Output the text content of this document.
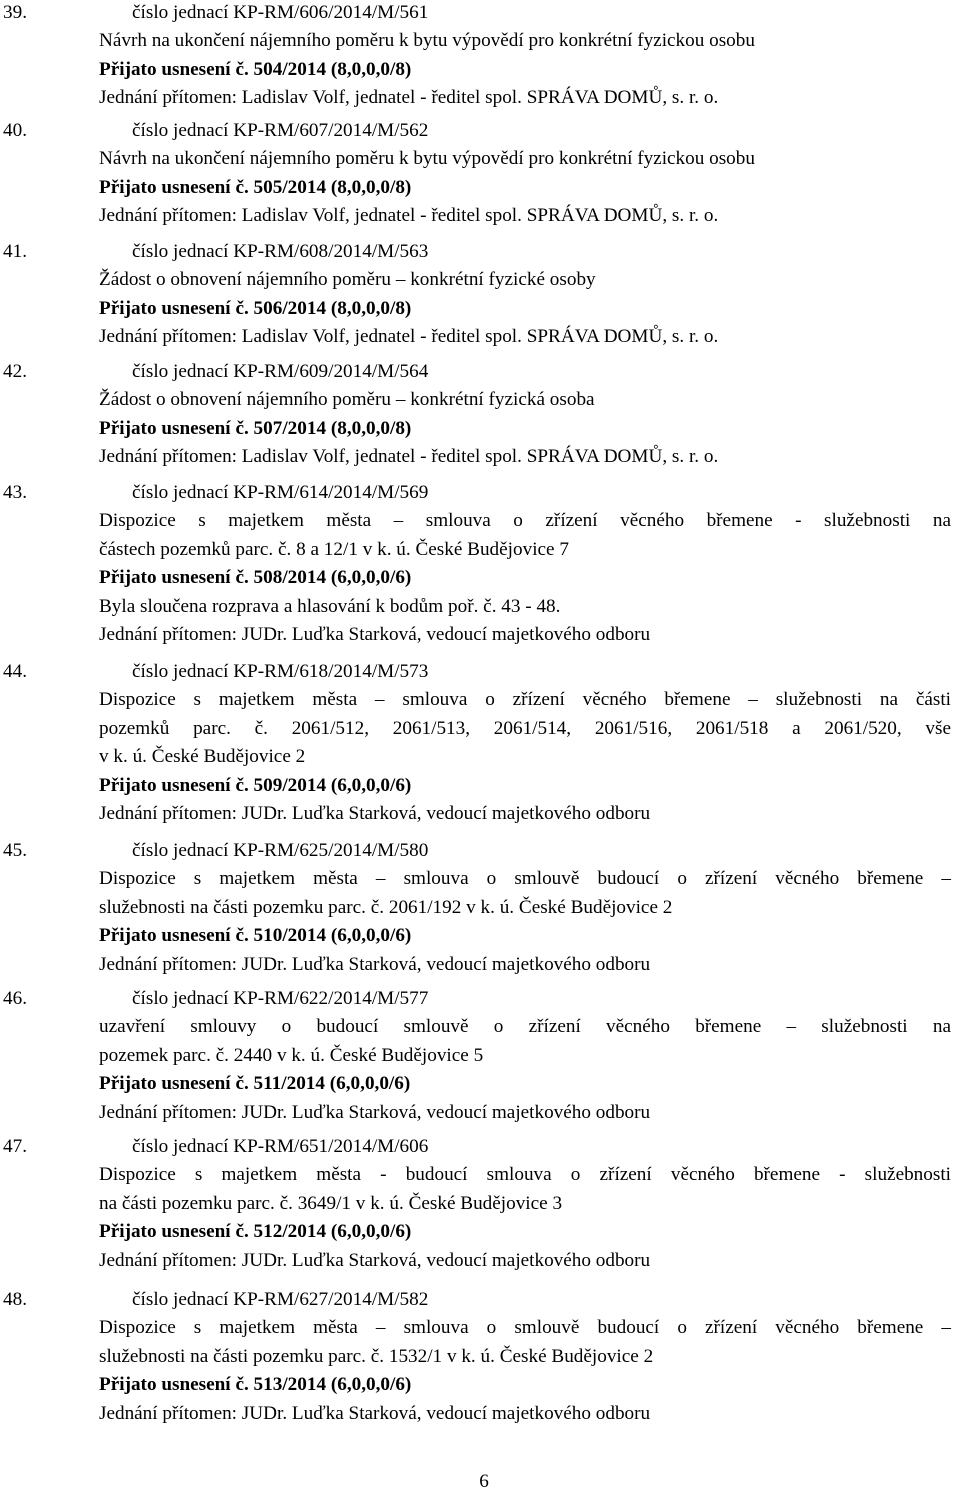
39.	číslo jednací KP-RM/606/2014/M/561
Návrh na ukončení nájemního poměru k bytu výpovědí pro konkrétní fyzickou osobu
Přijato usnesení č. 504/2014 (8,0,0,0/8)
Jednání přítomen: Ladislav Volf, jednatel - ředitel spol. SPRÁVA DOMŮ, s. r. o.
40.	číslo jednací KP-RM/607/2014/M/562
Návrh na ukončení nájemního poměru k bytu výpovědí pro konkrétní fyzickou osobu
Přijato usnesení č. 505/2014 (8,0,0,0/8)
Jednání přítomen: Ladislav Volf, jednatel - ředitel spol. SPRÁVA DOMŮ, s. r. o.
41.	číslo jednací KP-RM/608/2014/M/563
Žádost o obnovení nájemního poměru – konkrétní fyzické osoby
Přijato usnesení č. 506/2014 (8,0,0,0/8)
Jednání přítomen: Ladislav Volf, jednatel - ředitel spol. SPRÁVA DOMŮ, s. r. o.
42.	číslo jednací KP-RM/609/2014/M/564
Žádost o obnovení nájemního poměru – konkrétní fyzická osoba
Přijato usnesení č. 507/2014 (8,0,0,0/8)
Jednání přítomen: Ladislav Volf, jednatel - ředitel spol. SPRÁVA DOMŮ, s. r. o.
43.	číslo jednací KP-RM/614/2014/M/569
Dispozice s majetkem města – smlouva o zřízení věcného břemene - služebnosti na
částech pozemků parc. č. 8 a 12/1 v k. ú. České Budějovice 7
Přijato usnesení č. 508/2014 (6,0,0,0/6)
Byla sloučena rozprava a hlasování k bodům poř. č. 43 - 48.
Jednání přítomen: JUDr. Luďka Starková, vedoucí majetkového odboru
44.	číslo jednací KP-RM/618/2014/M/573
Dispozice s majetkem města – smlouva o zřízení věcného břemene – služebnosti na části
pozemků parc. č. 2061/512, 2061/513, 2061/514, 2061/516, 2061/518 a 2061/520, vše
v k. ú. České Budějovice 2
Přijato usnesení č. 509/2014 (6,0,0,0/6)
Jednání přítomen: JUDr. Luďka Starková, vedoucí majetkového odboru
45.	číslo jednací KP-RM/625/2014/M/580
Dispozice s majetkem města – smlouva o smlouvě budoucí o zřízení věcného břemene –
služebnosti na části pozemku parc. č. 2061/192 v k. ú. České Budějovice 2
Přijato usnesení č. 510/2014 (6,0,0,0/6)
Jednání přítomen: JUDr. Luďka Starková, vedoucí majetkového odboru
46.	číslo jednací KP-RM/622/2014/M/577
uzavření smlouvy o budoucí smlouvě o zřízení věcného břemene – služebnosti na
pozemek parc. č. 2440 v k. ú. České Budějovice 5
Přijato usnesení č. 511/2014 (6,0,0,0/6)
Jednání přítomen: JUDr. Luďka Starková, vedoucí majetkového odboru
47.	číslo jednací KP-RM/651/2014/M/606
Dispozice s majetkem města - budoucí smlouva o zřízení věcného břemene - služebnosti
na části pozemku parc. č. 3649/1 v k. ú. České Budějovice 3
Přijato usnesení č. 512/2014 (6,0,0,0/6)
Jednání přítomen: JUDr. Luďka Starková, vedoucí majetkového odboru
48.	číslo jednací KP-RM/627/2014/M/582
Dispozice s majetkem města – smlouva o smlouvě budoucí o zřízení věcného břemene –
služebnosti na části pozemku parc. č. 1532/1 v k. ú. České Budějovice 2
Přijato usnesení č. 513/2014 (6,0,0,0/6)
Jednání přítomen: JUDr. Luďka Starková, vedoucí majetkového odboru
6
